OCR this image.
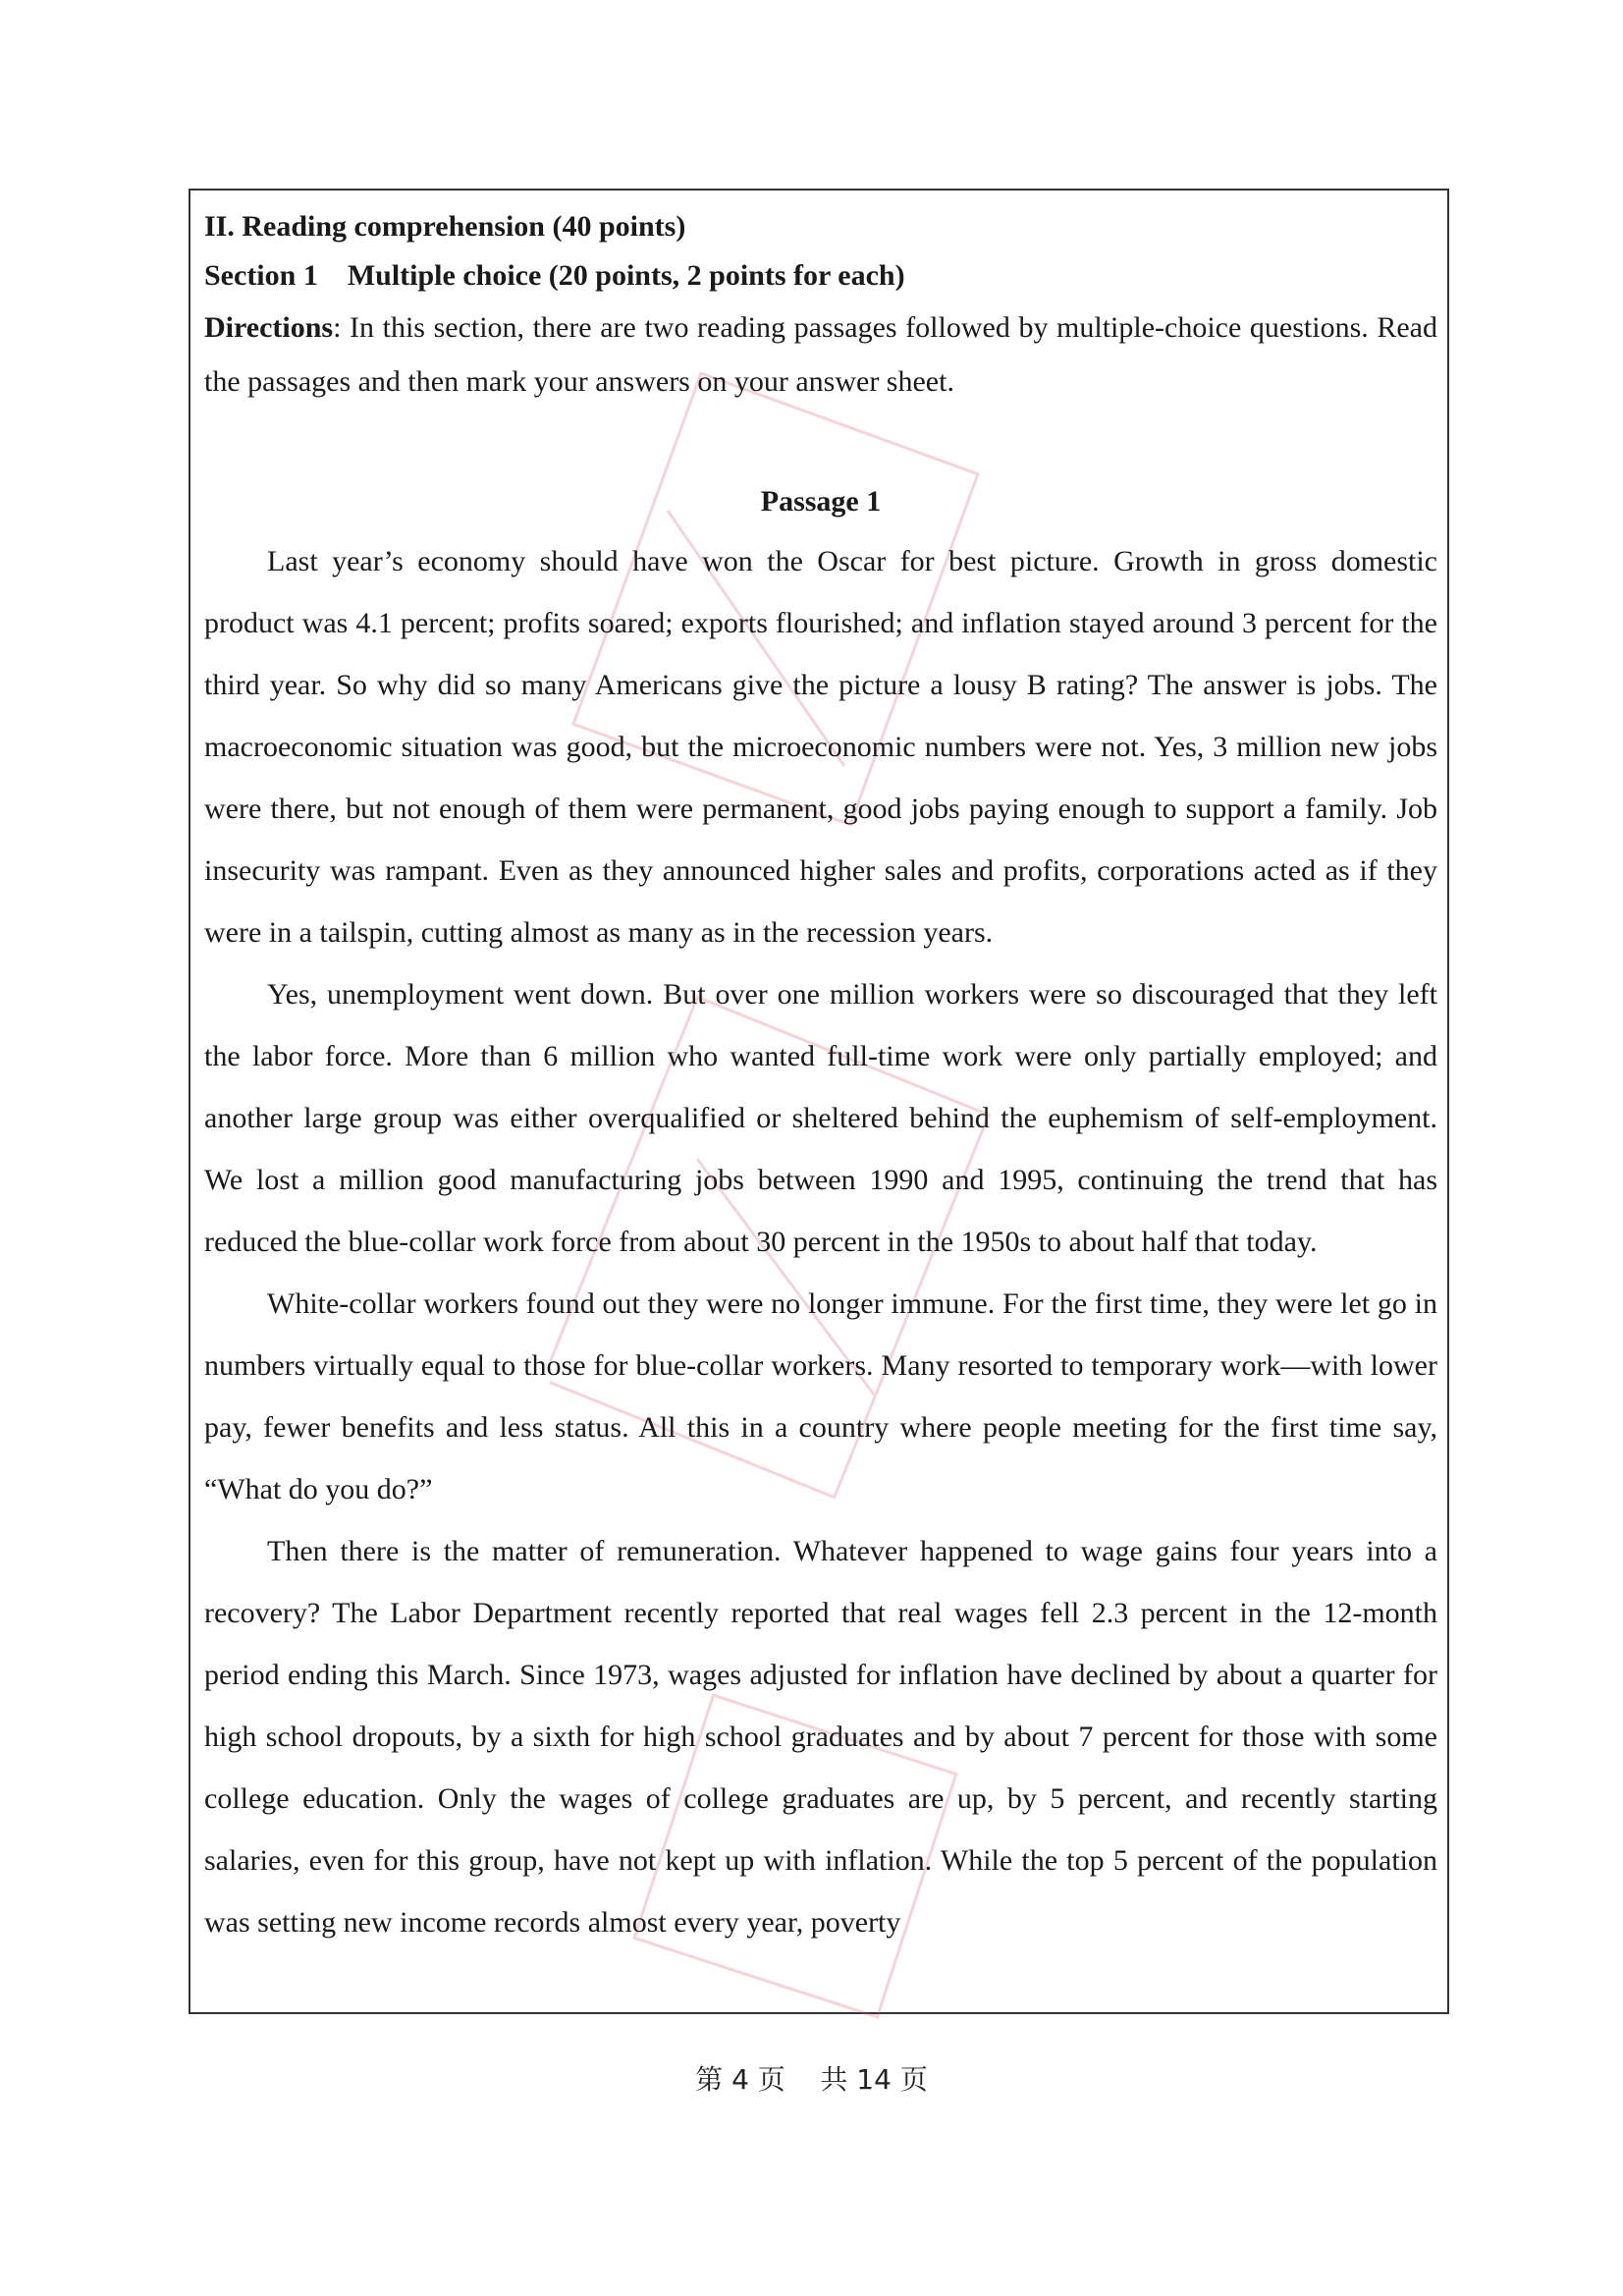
II. Reading comprehension (40 points)

Section 1    Multiple choice (20 points, 2 points for each)

Directions: In this section, there are two reading passages followed by multiple-choice questions. Read the passages and then mark your answers on your answer sheet.

Passage 1

Last year’s economy should have won the Oscar for best picture. Growth in gross domestic product was 4.1 percent; profits soared; exports flourished; and inflation stayed around 3 percent for the third year. So why did so many Americans give the picture a lousy B rating? The answer is jobs. The macroeconomic situation was good, but the microeconomic numbers were not. Yes, 3 million new jobs were there, but not enough of them were permanent, good jobs paying enough to support a family. Job insecurity was rampant. Even as they announced higher sales and profits, corporations acted as if they were in a tailspin, cutting almost as many as in the recession years.

Yes, unemployment went down. But over one million workers were so discouraged that they left the labor force. More than 6 million who wanted full-time work were only partially employed; and another large group was either overqualified or sheltered behind the euphemism of self-employment. We lost a million good manufacturing jobs between 1990 and 1995, continuing the trend that has reduced the blue-collar work force from about 30 percent in the 1950s to about half that today.

White-collar workers found out they were no longer immune. For the first time, they were let go in numbers virtually equal to those for blue-collar workers. Many resorted to temporary work—with lower pay, fewer benefits and less status. All this in a country where people meeting for the first time say, “What do you do?”

Then there is the matter of remuneration. Whatever happened to wage gains four years into a recovery? The Labor Department recently reported that real wages fell 2.3 percent in the 12-month period ending this March. Since 1973, wages adjusted for inflation have declined by about a quarter for high school dropouts, by a sixth for high school graduates and by about 7 percent for those with some college education. Only the wages of college graduates are up, by 5 percent, and recently starting salaries, even for this group, have not kept up with inflation. While the top 5 percent of the population was setting new income records almost every year, poverty

第 4 页    共 14 页
